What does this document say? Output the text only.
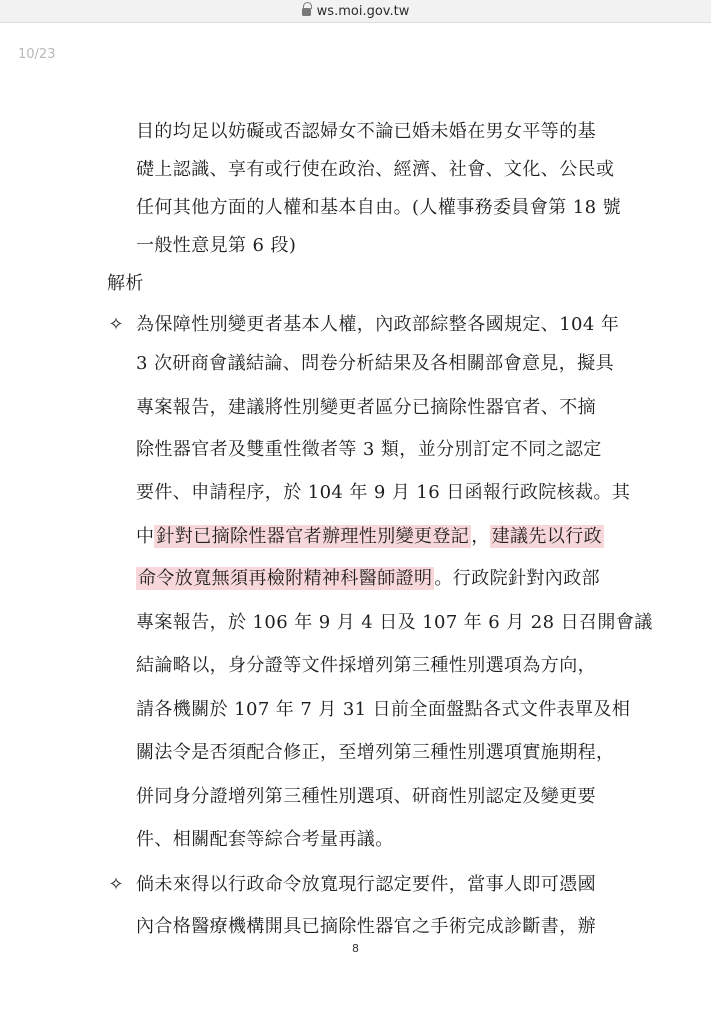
ws.moi.gov.tw
10/23
目的均足以妨礙或否認婦女不論已婚未婚在男女平等的基
礎上認識、享有或行使在政治、經濟、社會、文化、公民或
任何其他方面的人權和基本自由。(人權事務委員會第 18 號
一般性意見第 6 段)
解析
✧ 為保障性別變更者基本人權，內政部綜整各國規定、104 年
3 次研商會議結論、問卷分析結果及各相關部會意見，擬具
專案報告，建議將性別變更者區分已摘除性器官者、不摘
除性器官者及雙重性徵者等 3 類，並分別訂定不同之認定
要件、申請程序，於 104 年 9 月 16 日函報行政院核裁。其
中 針對已摘除性器官者辦理性別變更登記 ， 建議先以行政
命令放寬無須再檢附精神科醫師證明 。行政院針對內政部
專案報告，於 106 年 9 月 4 日及 107 年 6 月 28 日召開會議
結論略以，身分證等文件採增列第三種性別選項為方向，
請各機關於 107 年 7 月 31 日前全面盤點各式文件表單及相
關法令是否須配合修正，至增列第三種性別選項實施期程，
併同身分證增列第三種性別選項、研商性別認定及變更要
件、相關配套等綜合考量再議。
✧ 倘未來得以行政命令放寬現行認定要件，當事人即可憑國
內合格醫療機構開具已摘除性器官之手術完成診斷書，辦
8
